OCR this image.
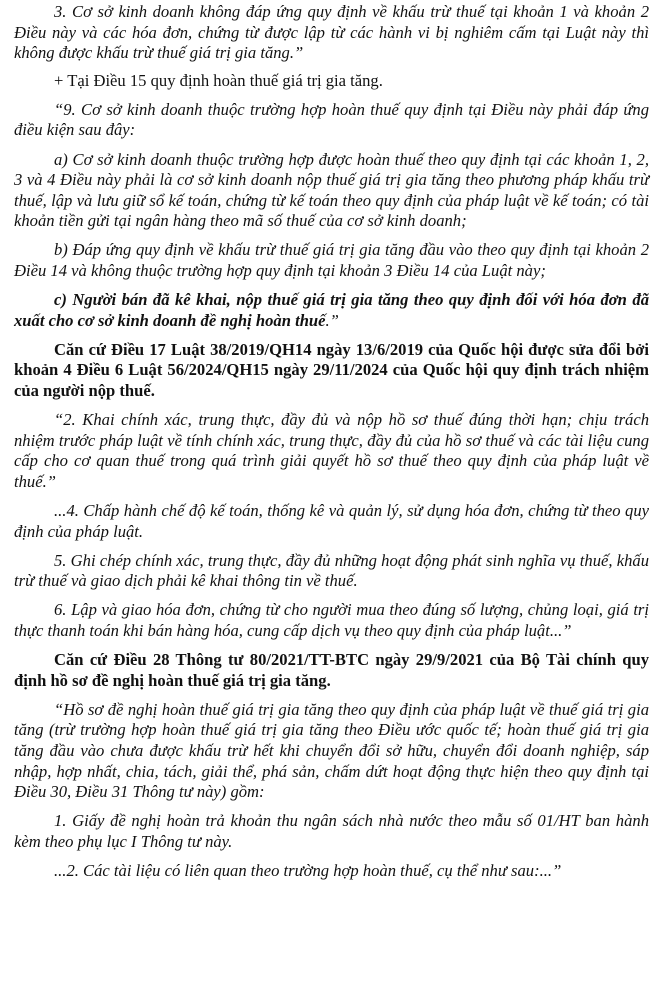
3. Cơ sở kinh doanh không đáp ứng quy định về khấu trừ thuế tại khoản 1 và khoản 2 Điều này và các hóa đơn, chứng từ được lập từ các hành vi bị nghiêm cấm tại Luật này thì không được khấu trừ thuế giá trị gia tăng.”

+ Tại Điều 15 quy định hoàn thuế giá trị gia tăng.

“9. Cơ sở kinh doanh thuộc trường hợp hoàn thuế quy định tại Điều này phải đáp ứng điều kiện sau đây:

a) Cơ sở kinh doanh thuộc trường hợp được hoàn thuế theo quy định tại các khoản 1, 2, 3 và 4 Điều này phải là cơ sở kinh doanh nộp thuế giá trị gia tăng theo phương pháp khấu trừ thuế, lập và lưu giữ sổ kế toán, chứng từ kế toán theo quy định của pháp luật về kế toán; có tài khoản tiền gửi tại ngân hàng theo mã số thuế của cơ sở kinh doanh;

b) Đáp ứng quy định về khấu trừ thuế giá trị gia tăng đầu vào theo quy định tại khoản 2 Điều 14 và không thuộc trường hợp quy định tại khoản 3 Điều 14 của Luật này;

c) Người bán đã kê khai, nộp thuế giá trị gia tăng theo quy định đối với hóa đơn đã xuất cho cơ sở kinh doanh đề nghị hoàn thuế.”

Căn cứ Điều 17 Luật 38/2019/QH14 ngày 13/6/2019 của Quốc hội được sửa đổi bởi khoản 4 Điều 6 Luật 56/2024/QH15 ngày 29/11/2024 của Quốc hội quy định trách nhiệm của người nộp thuế.

“2. Khai chính xác, trung thực, đầy đủ và nộp hồ sơ thuế đúng thời hạn; chịu trách nhiệm trước pháp luật về tính chính xác, trung thực, đầy đủ của hồ sơ thuế và các tài liệu cung cấp cho cơ quan thuế trong quá trình giải quyết hồ sơ thuế theo quy định của pháp luật về thuế.”

...4. Chấp hành chế độ kế toán, thống kê và quản lý, sử dụng hóa đơn, chứng từ theo quy định của pháp luật.

5. Ghi chép chính xác, trung thực, đầy đủ những hoạt động phát sinh nghĩa vụ thuế, khấu trừ thuế và giao dịch phải kê khai thông tin về thuế.

6. Lập và giao hóa đơn, chứng từ cho người mua theo đúng số lượng, chủng loại, giá trị thực thanh toán khi bán hàng hóa, cung cấp dịch vụ theo quy định của pháp luật...”

Căn cứ Điều 28 Thông tư 80/2021/TT-BTC ngày 29/9/2021 của Bộ Tài chính quy định hồ sơ đề nghị hoàn thuế giá trị gia tăng.

“Hồ sơ đề nghị hoàn thuế giá trị gia tăng theo quy định của pháp luật về thuế giá trị gia tăng (trừ trường hợp hoàn thuế giá trị gia tăng theo Điều ước quốc tế; hoàn thuế giá trị gia tăng đầu vào chưa được khấu trừ hết khi chuyển đổi sở hữu, chuyển đổi doanh nghiệp, sáp nhập, hợp nhất, chia, tách, giải thể, phá sản, chấm dứt hoạt động thực hiện theo quy định tại Điều 30, Điều 31 Thông tư này) gồm:

1. Giấy đề nghị hoàn trả khoản thu ngân sách nhà nước theo mẫu số 01/HT ban hành kèm theo phụ lục I Thông tư này.

...2. Các tài liệu có liên quan theo trường hợp hoàn thuế, cụ thể như sau:...”
